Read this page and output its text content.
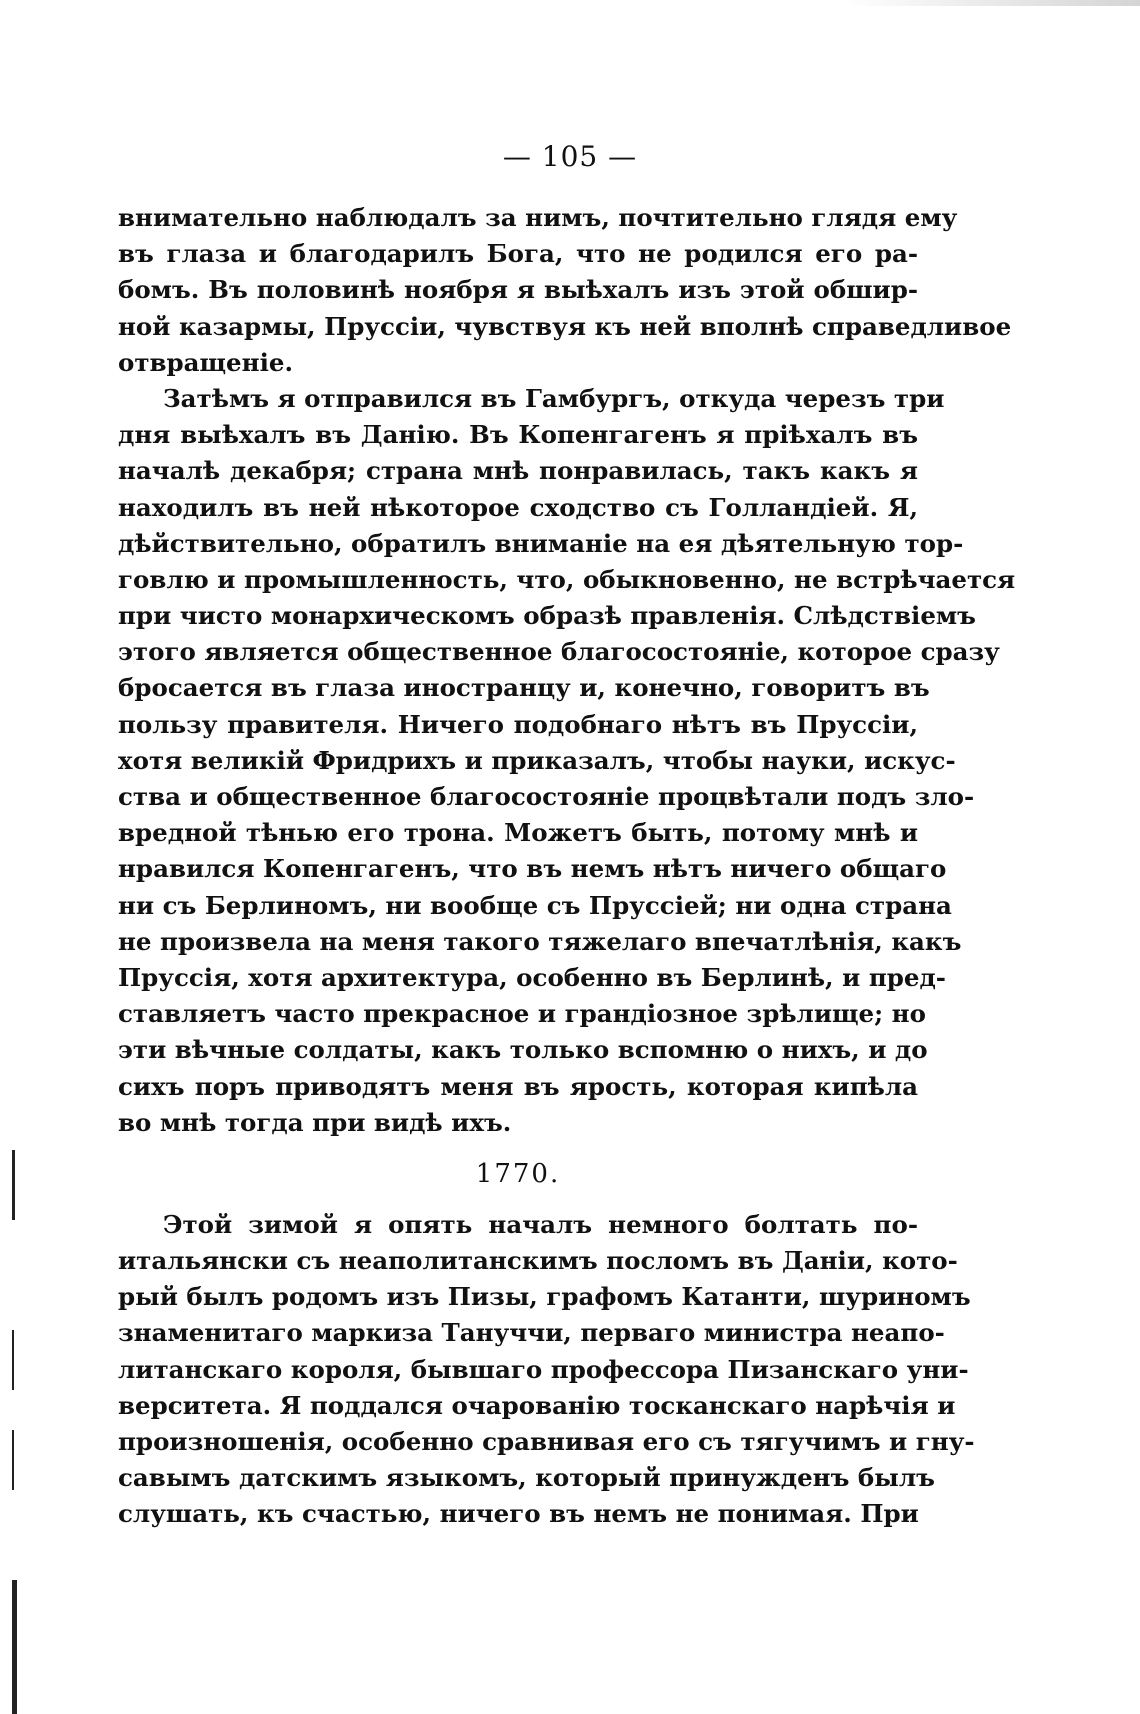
— 105 —
внимательно наблюдалъ за нимъ, почтительно глядя ему
въ глаза и благодарилъ Бога, что не родился его ра-
бомъ. Въ половинѣ ноября я выѣхалъ изъ этой обшир-
ной казармы, Пруссіи, чувствуя къ ней вполнѣ справедливое
отвращеніе.
Затѣмъ я отправился въ Гамбургъ, откуда черезъ три
дня выѣхалъ въ Данію. Въ Копенгагенъ я пріѣхалъ въ
началѣ декабря; страна мнѣ понравилась, такъ какъ я
находилъ въ ней нѣкоторое сходство съ Голландіей. Я,
дѣйствительно, обратилъ вниманіе на ея дѣятельную тор-
говлю и промышленность, что, обыкновенно, не встрѣчается
при чисто монархическомъ образѣ правленія. Слѣдствіемъ
этого является общественное благосостояніе, которое сразу
бросается въ глаза иностранцу и, конечно, говоритъ въ
пользу правителя. Ничего подобнаго нѣтъ въ Пруссіи,
хотя великій Фридрихъ и приказалъ, чтобы науки, искус-
ства и общественное благосостояніе процвѣтали подъ зло-
вредной тѣнью его трона. Можетъ быть, потому мнѣ и
нравился Копенгагенъ, что въ немъ нѣтъ ничего общаго
ни съ Берлиномъ, ни вообще съ Пруссіей; ни одна страна
не произвела на меня такого тяжелаго впечатлѣнія, какъ
Пруссія, хотя архитектура, особенно въ Берлинѣ, и пред-
ставляетъ часто прекрасное и грандіозное зрѣлище; но
эти вѣчные солдаты, какъ только вспомню о нихъ, и до
сихъ поръ приводятъ меня въ ярость, которая кипѣла
во мнѣ тогда при видѣ ихъ.
1770.
Этой зимой я опять началъ немного болтать по-
итальянски съ неаполитанскимъ посломъ въ Даніи, кото-
рый былъ родомъ изъ Пизы, графомъ Катанти, шуриномъ
знаменитаго маркиза Тануччи, перваго министра неапо-
литанскаго короля, бывшаго профессора Пизанскаго уни-
верситета. Я поддался очарованію тосканскаго нарѣчія и
произношенія, особенно сравнивая его съ тягучимъ и гну-
савымъ датскимъ языкомъ, который принужденъ былъ
слушать, къ счастью, ничего въ немъ не понимая. При
